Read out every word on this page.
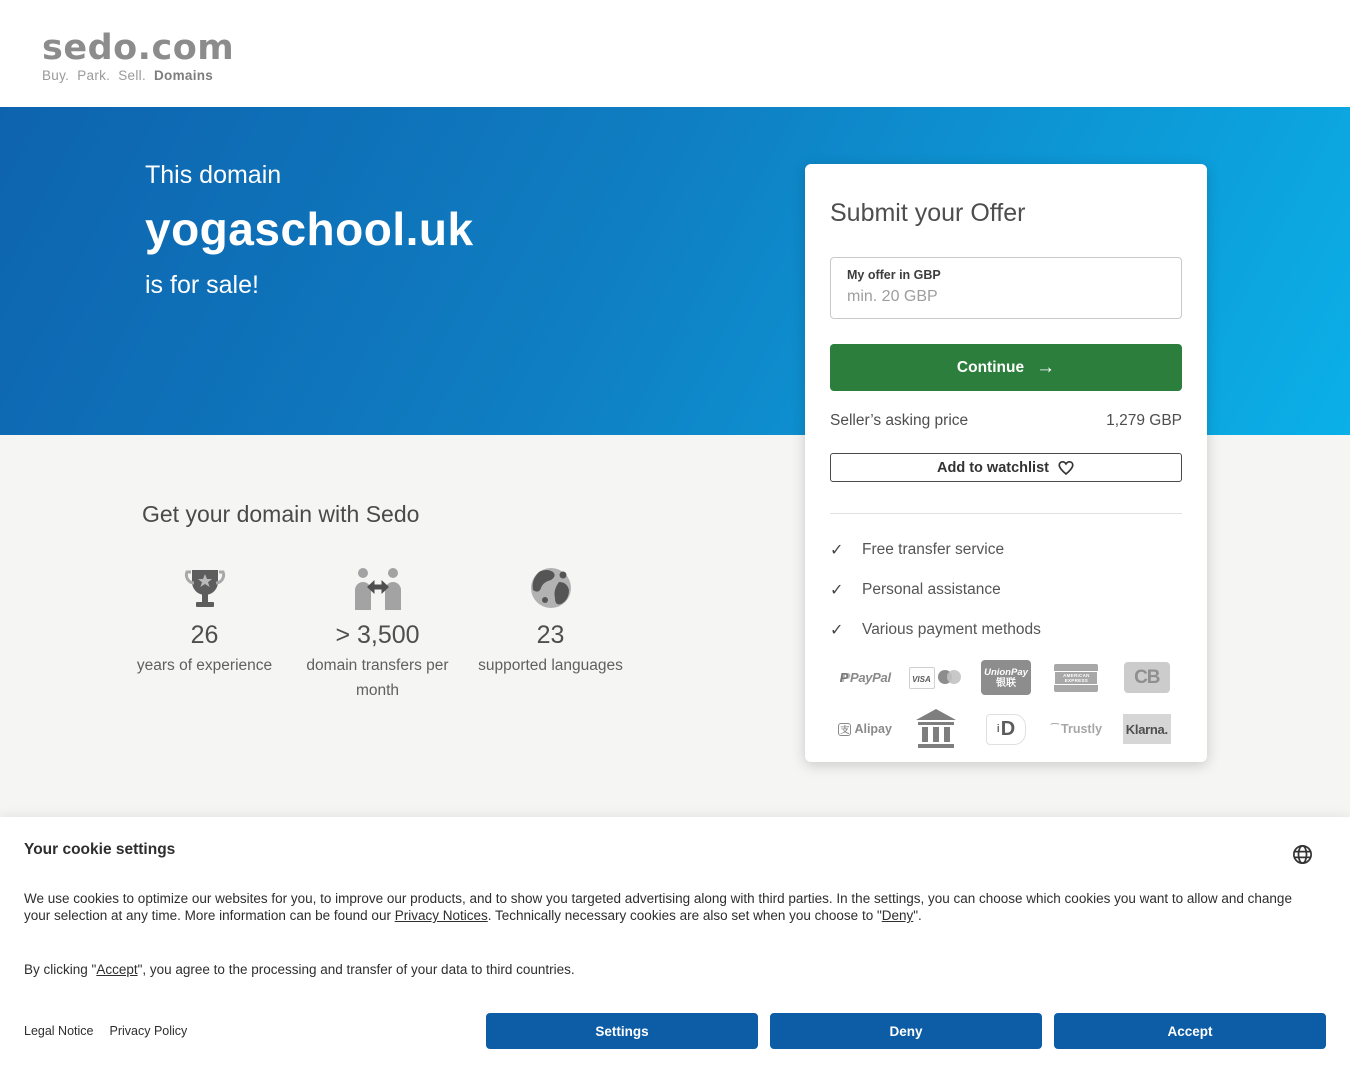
sedo.com
Buy. Park. Sell. Domains
This domain
yogaschool.uk
is for sale!
Get your domain with Sedo
26
years of experience
> 3,500
domain transfers per month
23
supported languages
Submit your Offer
My offer in GBP
min. 20 GBP
Continue →
Seller’s asking price	1,279 GBP
Add to watchlist
✓	Free transfer service
✓	Personal assistance
✓	Various payment methods
P PayPal	VISA
UnionPay
银联
AMERICAN EXPRESS	CB
支 Alipay	i D	⁀ Trustly Klarna.
Your cookie settings

We use cookies to optimize our websites for you, to improve our products, and to show you targeted advertising along with third parties. In the settings, you can choose which cookies you want to allow and change your selection at any time. More information can be found our Privacy Notices. Technically necessary cookies are also set when you choose to "Deny".

By clicking "Accept", you agree to the processing and transfer of your data to third countries.

Legal Notice Privacy Policy	Settings	Deny	Accept
